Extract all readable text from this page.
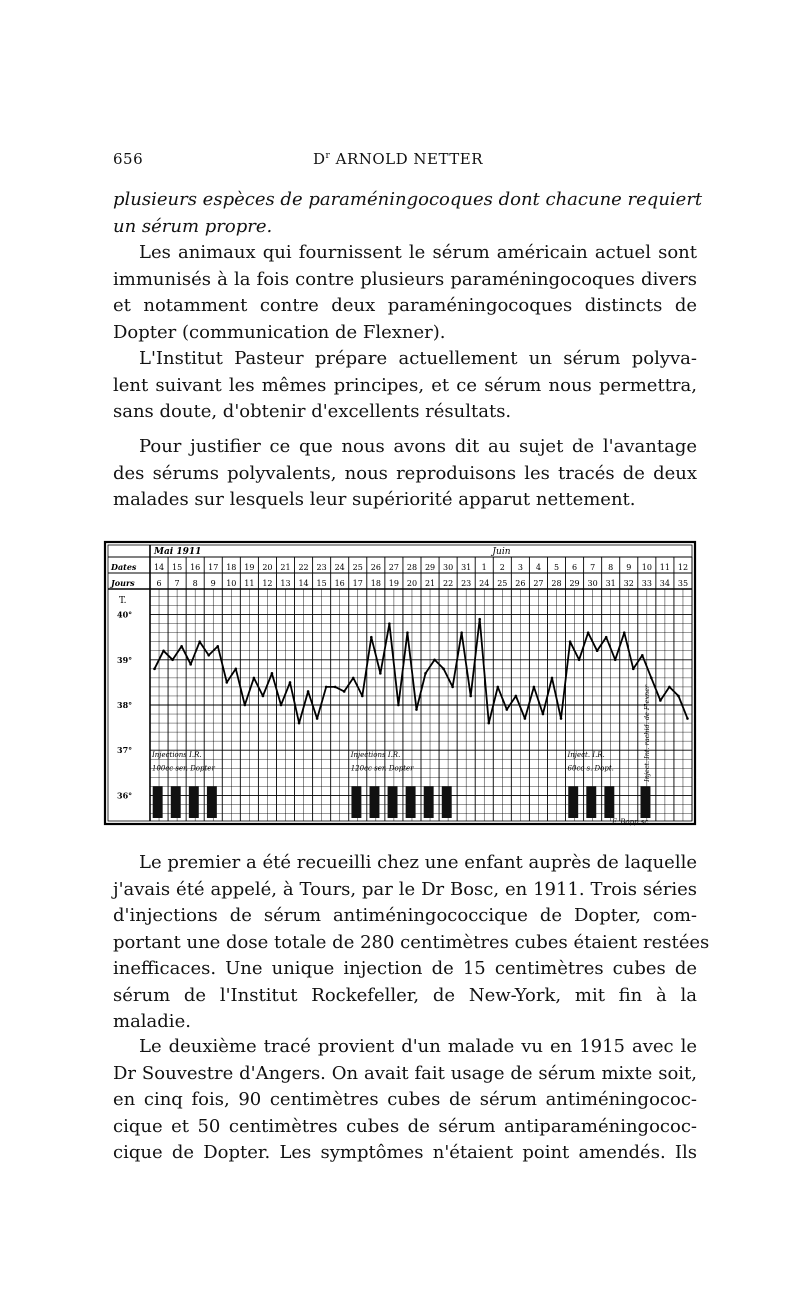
656	$D^r$ ARNOLD NETTER

plusieurs espèces de paraméningocoques dont chacune requiert
un sérum propre.

Les animaux qui fournissent le sérum américain actuel sont
immunisés à la fois contre plusieurs paraméningocoques divers
et notamment contre deux paraméningocoques distincts de
Dopter (communication de Flexner).

L'Institut Pasteur prépare actuellement un sérum polyva-
lent suivant les mêmes principes, et ce sérum nous permettra,
sans doute, d'obtenir d'excellents résultats.

Pour justifier ce que nous avons dit au sujet de l'avantage
des sérums polyvalents, nous reproduisons les tracés de deux
malades sur lesquels leur supériorité apparut nettement.

Dates
Jours
T.
Mai 1911	Juin
14 15 16 17 18 19 20 21 22 23 24 25 26 27 28 29 30 31 1 2 3 4 5 6 7 8 9 10 11 12
6 7 8 9 10 11 12 13 14 15 16 17 18 19 20 21 22 23 24 25 26 27 28 29 30 31 32 33 34 35
40°
39°
38°
37°
36°
Injections I.R.
100cc ser. Dopter
Injections I.R.
120cc ser. Dopter
Inject. I.R.
60cc s. Dopt.	Inject. Int. rachid. de Flexner
F. Bopp sc.

Le premier a été recueilli chez une enfant auprès de laquelle
j'avais été appelé, à Tours, par le Dr Bosc, en 1911. Trois séries
d'injections de sérum antiméningococcique de Dopter, com-
portant une dose totale de 280 centimètres cubes étaient restées
inefficaces. Une unique injection de 15 centimètres cubes de
sérum de l'Institut Rockefeller, de New-York, mit fin à la
maladie.

Le deuxième tracé provient d'un malade vu en 1915 avec le
Dr Souvestre d'Angers. On avait fait usage de sérum mixte soit,
en cinq fois, 90 centimètres cubes de sérum antiméningococ-
cique et 50 centimètres cubes de sérum antiparaméningococ-
cique de Dopter. Les symptômes n'étaient point amendés. Ils
